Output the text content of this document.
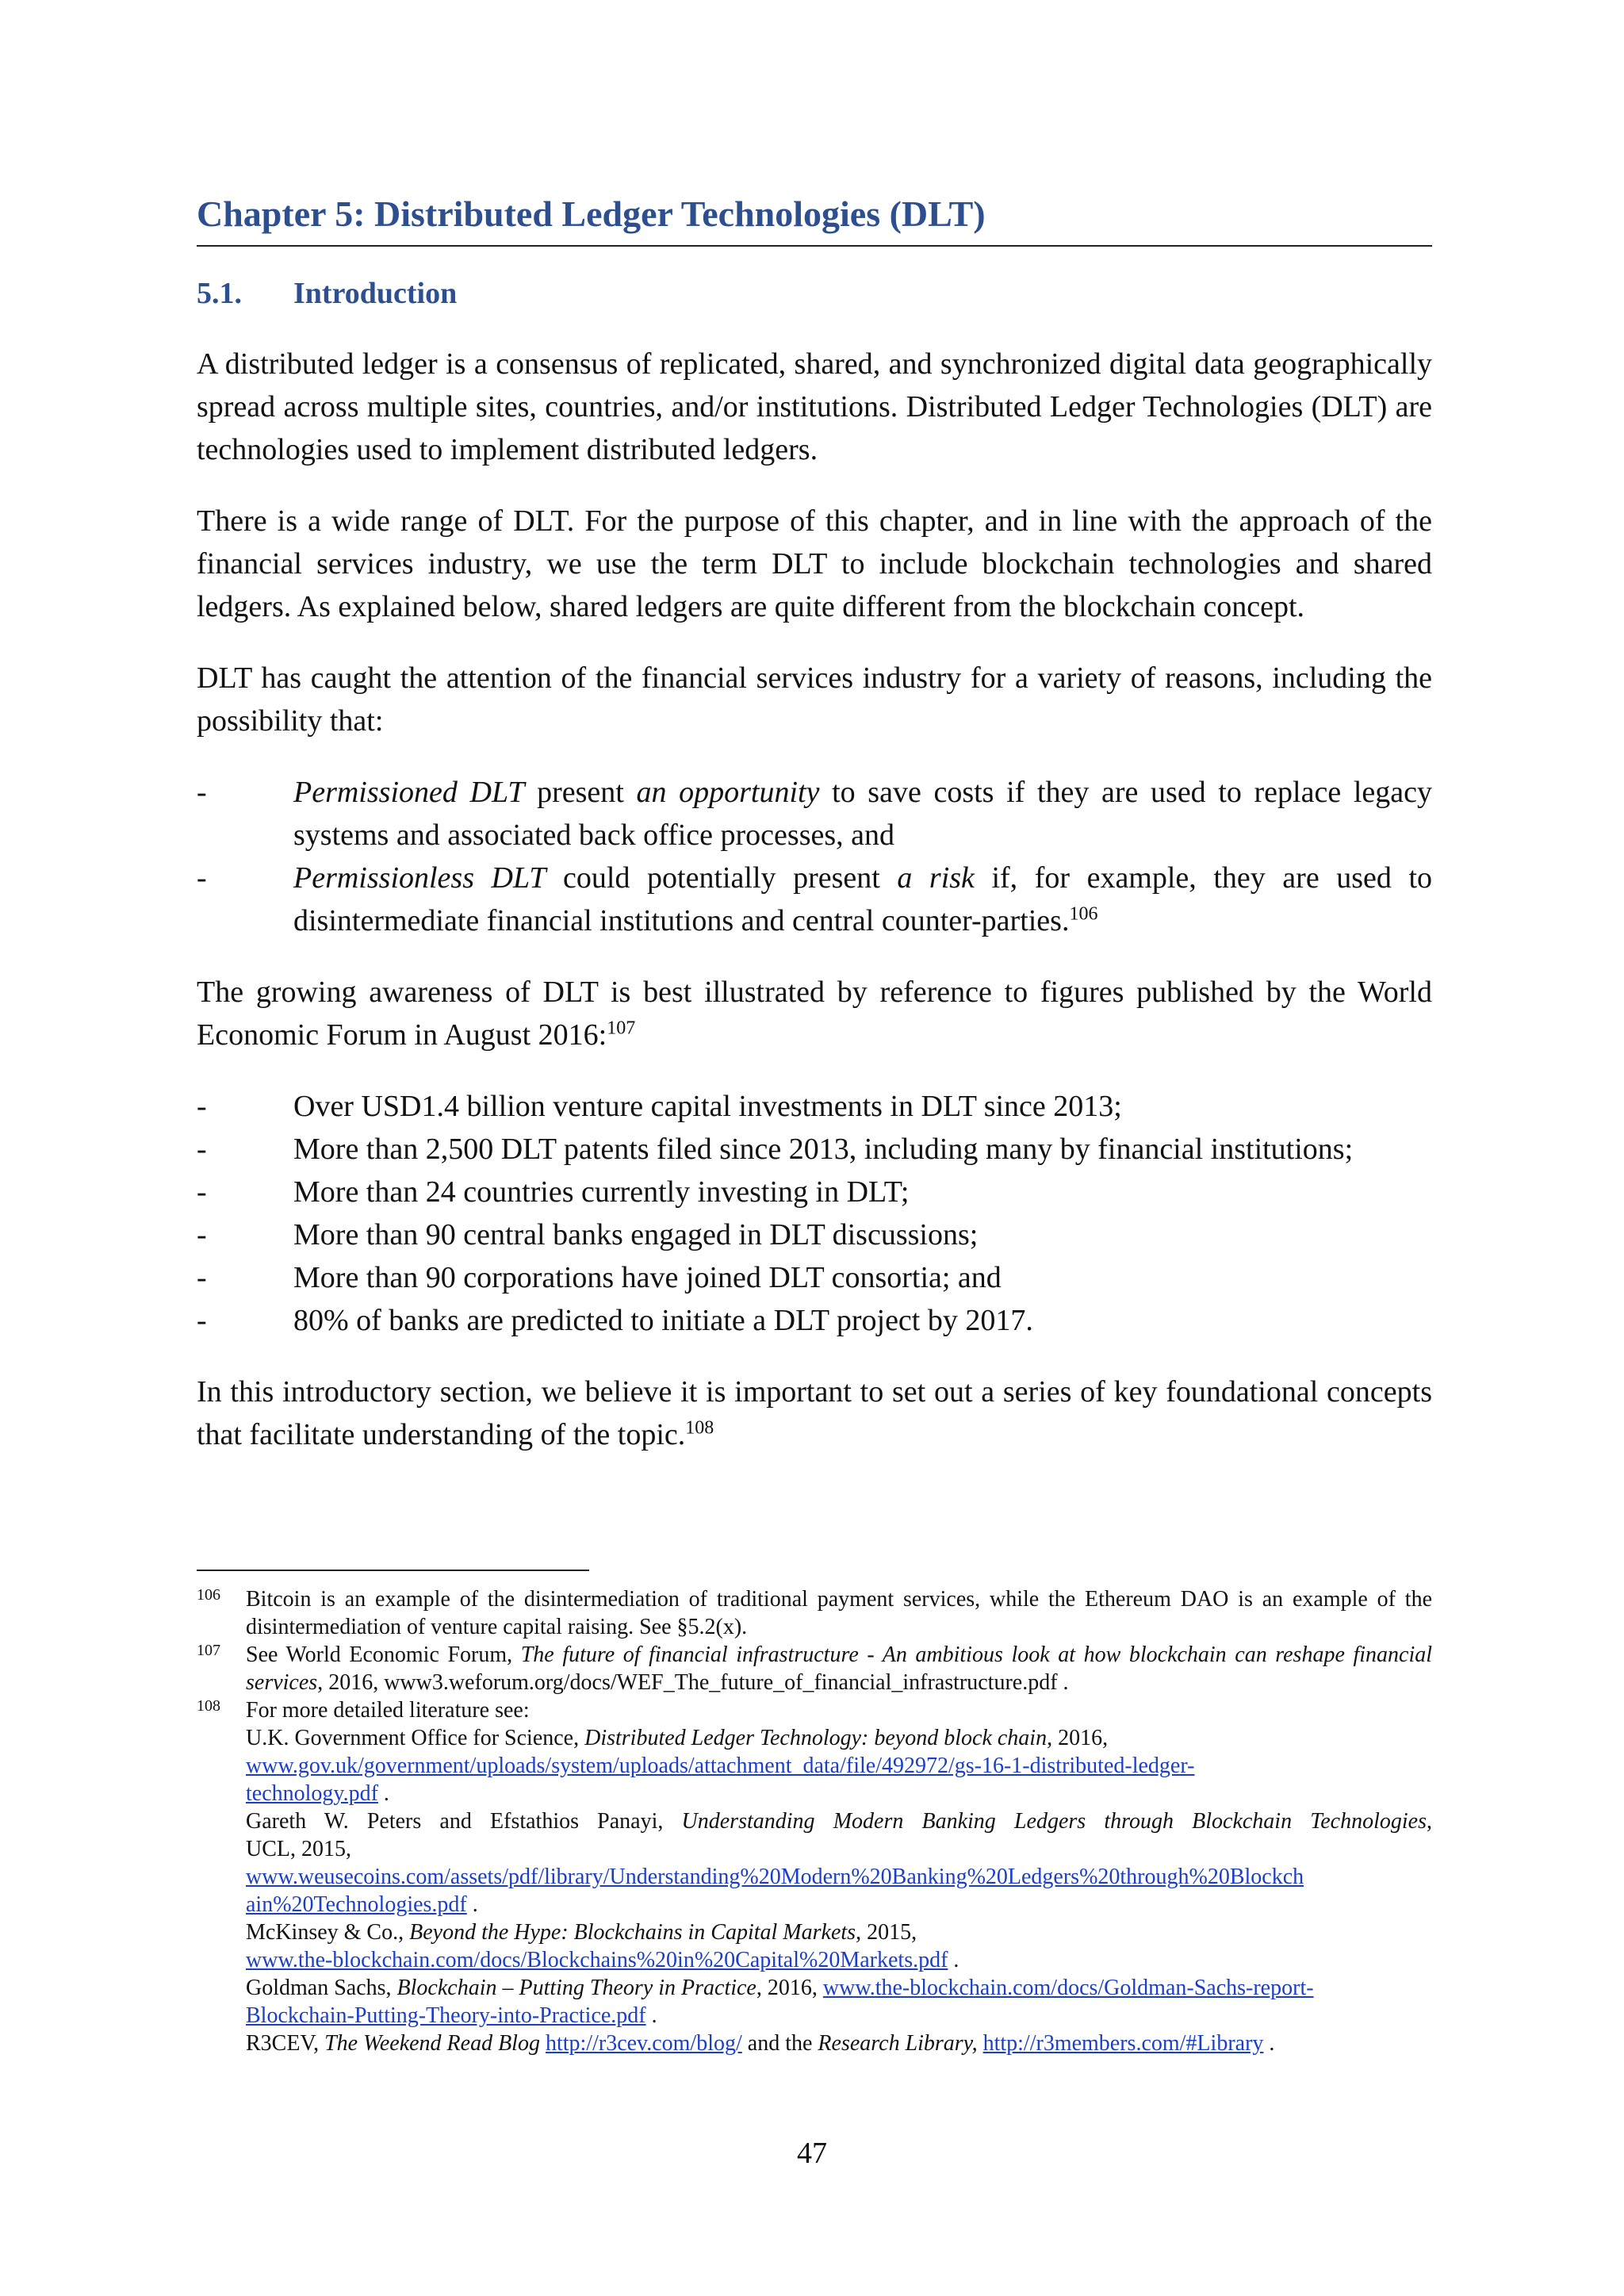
Chapter 5: Distributed Ledger Technologies (DLT)
5.1. Introduction

A distributed ledger is a consensus of replicated, shared, and synchronized digital data geographically spread across multiple sites, countries, and/or institutions. Distributed Ledger Technologies (DLT) are technologies used to implement distributed ledgers.

There is a wide range of DLT. For the purpose of this chapter, and in line with the approach of the financial services industry, we use the term DLT to include blockchain technologies and shared ledgers. As explained below, shared ledgers are quite different from the blockchain concept.

DLT has caught the attention of the financial services industry for a variety of reasons, including the possibility that:

-	Permissioned DLT present an opportunity to save costs if they are used to replace legacy systems and associated back office processes, and
-	Permissionless DLT could potentially present a risk if, for example, they are used to disintermediate financial institutions and central counter-parties.$^{106}$

The growing awareness of DLT is best illustrated by reference to figures published by the World Economic Forum in August 2016:$^{107}$

-	Over USD1.4 billion venture capital investments in DLT since 2013;
-	More than 2,500 DLT patents filed since 2013, including many by financial institutions;
-	More than 24 countries currently investing in DLT;
-	More than 90 central banks engaged in DLT discussions;
-	More than 90 corporations have joined DLT consortia; and
-	80% of banks are predicted to initiate a DLT project by 2017.

In this introductory section, we believe it is important to set out a series of key foundational concepts that facilitate understanding of the topic.$^{108}$

106 Bitcoin is an example of the disintermediation of traditional payment services, while the Ethereum DAO is an example of the disintermediation of venture capital raising. See §5.2(x).
107 See World Economic Forum, The future of financial infrastructure - An ambitious look at how blockchain can reshape financial services, 2016, www3.weforum.org/docs/WEF_The_future_of_financial_infrastructure.pdf .
108 For more detailed literature see:
U.K. Government Office for Science, Distributed Ledger Technology: beyond block chain, 2016,
www.gov.uk/government/uploads/system/uploads/attachment_data/file/492972/gs-16-1-distributed-ledger-
technology.pdf .
Gareth W. Peters and Efstathios Panayi, Understanding Modern Banking Ledgers through Blockchain Technologies,
UCL, 2015,
www.weusecoins.com/assets/pdf/library/Understanding%20Modern%20Banking%20Ledgers%20through%20Blockch
ain%20Technologies.pdf .
McKinsey & Co., Beyond the Hype: Blockchains in Capital Markets, 2015,
www.the-blockchain.com/docs/Blockchains%20in%20Capital%20Markets.pdf .
Goldman Sachs, Blockchain – Putting Theory in Practice, 2016, www.the-blockchain.com/docs/Goldman-Sachs-report-
Blockchain-Putting-Theory-into-Practice.pdf .
R3CEV, The Weekend Read Blog http://r3cev.com/blog/ and the Research Library, http://r3members.com/#Library .
47
